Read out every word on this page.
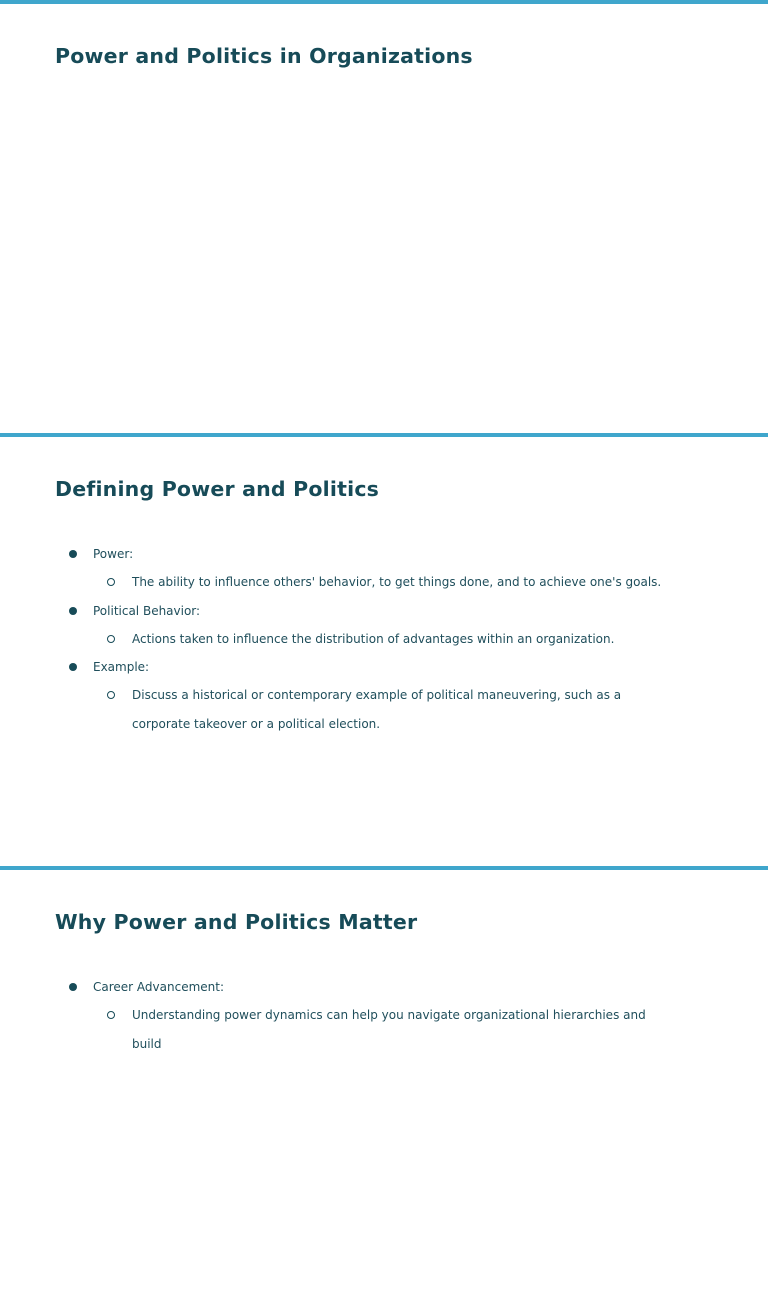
Power and Politics in Organizations
Defining Power and Politics
Power:
The ability to influence others' behavior, to get things done, and to achieve one's goals.
Political Behavior:
Actions taken to influence the distribution of advantages within an organization.
Example:
Discuss a historical or contemporary example of political maneuvering, such as a corporate takeover or a political election.
Why Power and Politics Matter
Career Advancement:
Understanding power dynamics can help you navigate organizational hierarchies and build
